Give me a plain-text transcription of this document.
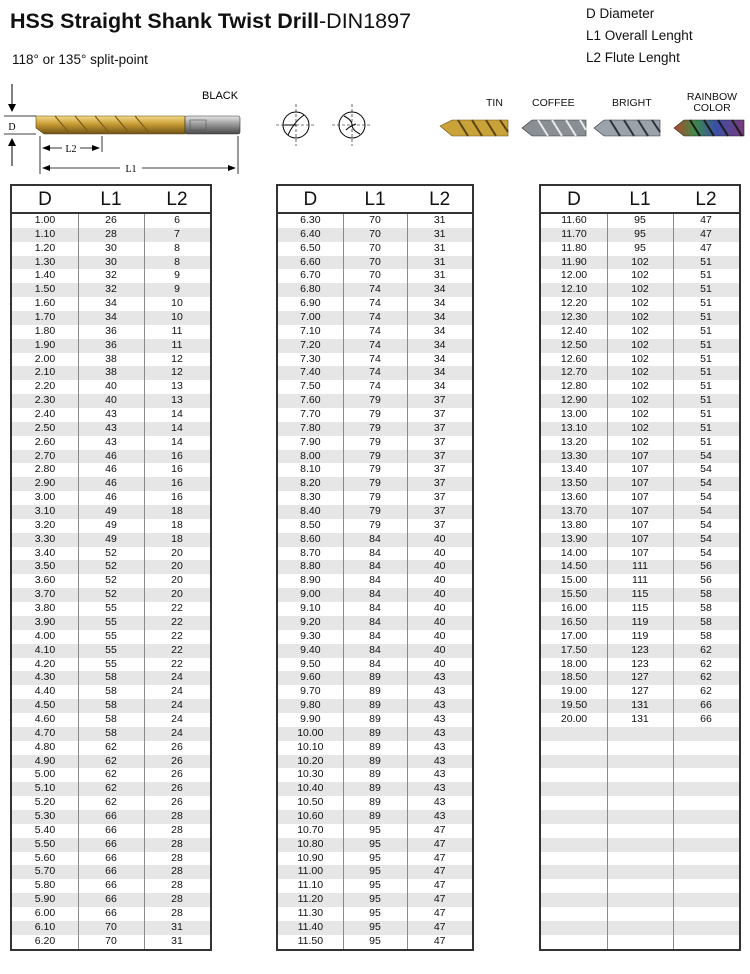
HSS Straight Shank Twist Drill-DIN1897
118° or 135° split-point
D Diameter
L1 Overall Lenght
L2 Flute Lenght
D
BLACK
L2
L1
TIN	COFFEE	BRIGHT	RAINBOW COLOR
D	L1	L2
1.00	26	6
1.10	28	7
1.20	30	8
1.30	30	8
1.40	32	9
1.50	32	9
1.60	34	10
1.70	34	10
1.80	36	11
1.90	36	11
2.00	38	12
2.10	38	12
2.20	40	13
2.30	40	13
2.40	43	14
2.50	43	14
2.60	43	14
2.70	46	16
2.80	46	16
2.90	46	16
3.00	46	16
3.10	49	18
3.20	49	18
3.30	49	18
3.40	52	20
3.50	52	20
3.60	52	20
3.70	52	20
3.80	55	22
3.90	55	22
4.00	55	22
4.10	55	22
4.20	55	22
4.30	58	24
4.40	58	24
4.50	58	24
4.60	58	24
4.70	58	24
4.80	62	26
4.90	62	26
5.00	62	26
5.10	62	26
5.20	62	26
5.30	66	28
5.40	66	28
5.50	66	28
5.60	66	28
5.70	66	28
5.80	66	28
5.90	66	28
6.00	66	28
6.10	70	31
6.20	70	31
D	L1	L2
6.30	70	31
6.40	70	31
6.50	70	31
6.60	70	31
6.70	70	31
6.80	74	34
6.90	74	34
7.00	74	34
7.10	74	34
7.20	74	34
7.30	74	34
7.40	74	34
7.50	74	34
7.60	79	37
7.70	79	37
7.80	79	37
7.90	79	37
8.00	79	37
8.10	79	37
8.20	79	37
8.30	79	37
8.40	79	37
8.50	79	37
8.60	84	40
8.70	84	40
8.80	84	40
8.90	84	40
9.00	84	40
9.10	84	40
9.20	84	40
9.30	84	40
9.40	84	40
9.50	84	40
9.60	89	43
9.70	89	43
9.80	89	43
9.90	89	43
10.00	89	43
10.10	89	43
10.20	89	43
10.30	89	43
10.40	89	43
10.50	89	43
10.60	89	43
10.70	95	47
10.80	95	47
10.90	95	47
11.00	95	47
11.10	95	47
11.20	95	47
11.30	95	47
11.40	95	47
11.50	95	47
D	L1	L2
11.60	95	47
11.70	95	47
11.80	95	47
11.90	102	51
12.00	102	51
12.10	102	51
12.20	102	51
12.30	102	51
12.40	102	51
12.50	102	51
12.60	102	51
12.70	102	51
12.80	102	51
12.90	102	51
13.00	102	51
13.10	102	51
13.20	102	51
13.30	107	54
13.40	107	54
13.50	107	54
13.60	107	54
13.70	107	54
13.80	107	54
13.90	107	54
14.00	107	54
14.50	111	56
15.00	111	56
15.50	115	58
16.00	115	58
16.50	119	58
17.00	119	58
17.50	123	62
18.00	123	62
18.50	127	62
19.00	127	62
19.50	131	66
20.00	131	66
